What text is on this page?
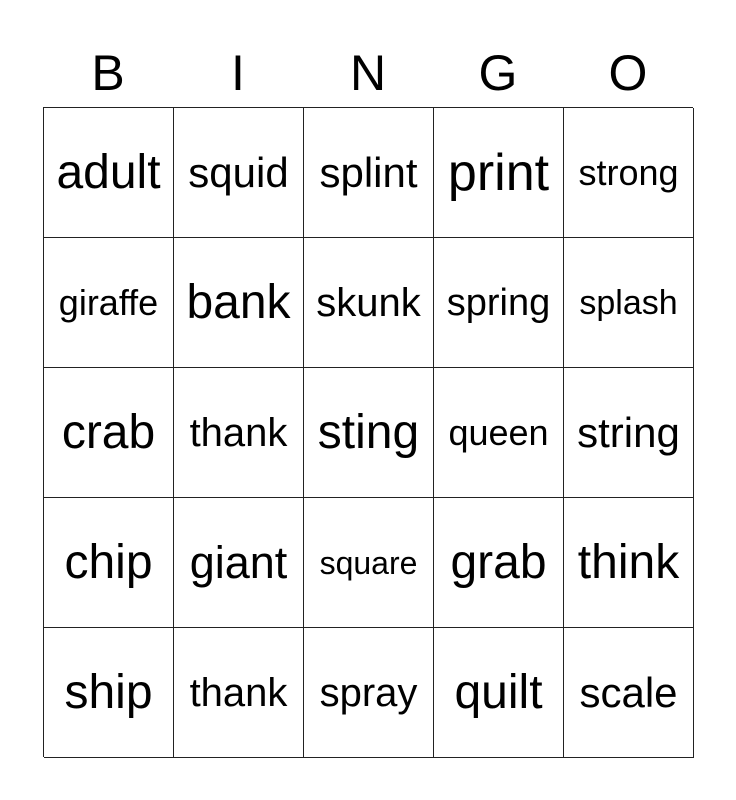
B	I	N	G	O
adult squid splint print strong
giraffe bank skunk spring splash
crab thank sting queen string
chip giant	square grab think
ship thank spray quilt scale
